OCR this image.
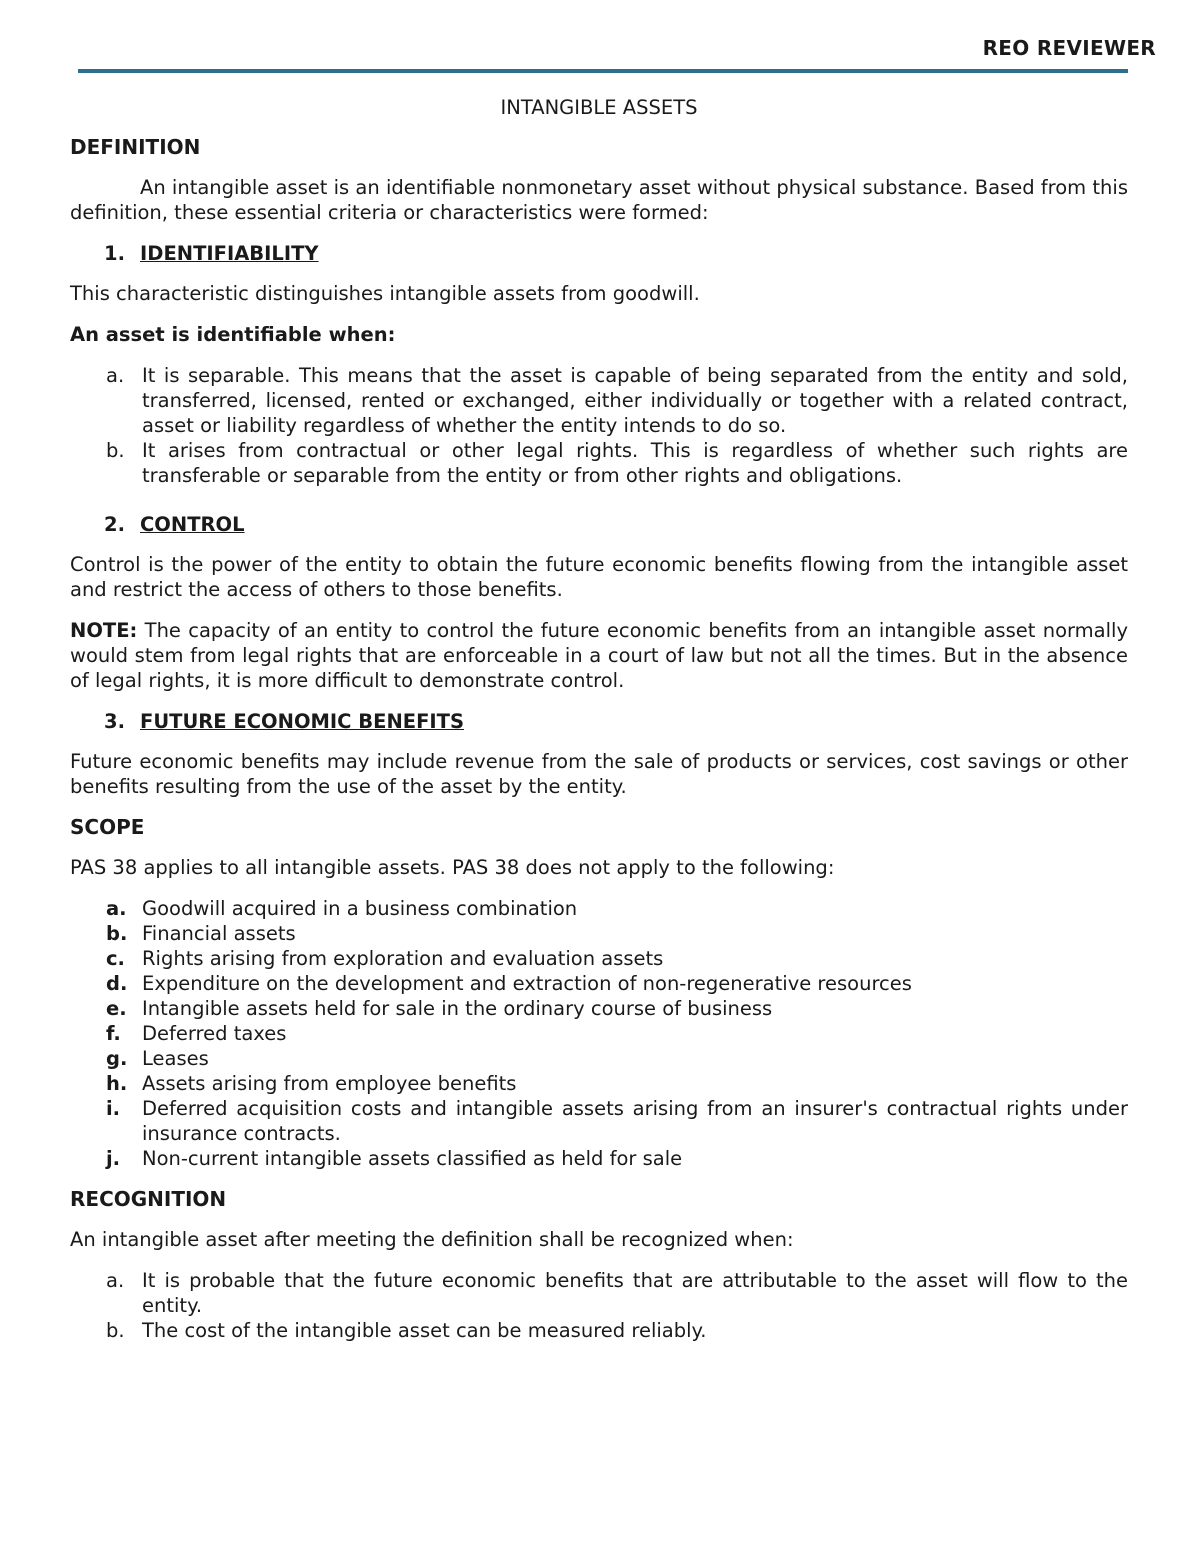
REO REVIEWER
INTANGIBLE ASSETS
DEFINITION

An intangible asset is an identifiable nonmonetary asset without physical substance. Based from this definition, these essential criteria or characteristics were formed:

1. IDENTIFIABILITY

This characteristic distinguishes intangible assets from goodwill.

An asset is identifiable when:

a. It is separable. This means that the asset is capable of being separated from the entity and sold, transferred, licensed, rented or exchanged, either individually or together with a related contract, asset or liability regardless of whether the entity intends to do so.
b. It arises from contractual or other legal rights. This is regardless of whether such rights are transferable or separable from the entity or from other rights and obligations.
2. CONTROL

Control is the power of the entity to obtain the future economic benefits flowing from the intangible asset and restrict the access of others to those benefits.

NOTE: The capacity of an entity to control the future economic benefits from an intangible asset normally would stem from legal rights that are enforceable in a court of law but not all the times. But in the absence of legal rights, it is more difficult to demonstrate control.

3. FUTURE ECONOMIC BENEFITS

Future economic benefits may include revenue from the sale of products or services, cost savings or other benefits resulting from the use of the asset by the entity.

SCOPE

PAS 38 applies to all intangible assets. PAS 38 does not apply to the following:

a. Goodwill acquired in a business combination
b. Financial assets
c. Rights arising from exploration and evaluation assets
d. Expenditure on the development and extraction of non-regenerative resources
e. Intangible assets held for sale in the ordinary course of business
f.	Deferred taxes
g. Leases
h. Assets arising from employee benefits
i.	Deferred acquisition costs and intangible assets arising from an insurer's contractual rights under insurance contracts.
j.	Non-current intangible assets classified as held for sale
RECOGNITION

An intangible asset after meeting the definition shall be recognized when:

a. It is probable that the future economic benefits that are attributable to the asset will flow to the entity.
b. The cost of the intangible asset can be measured reliably.
